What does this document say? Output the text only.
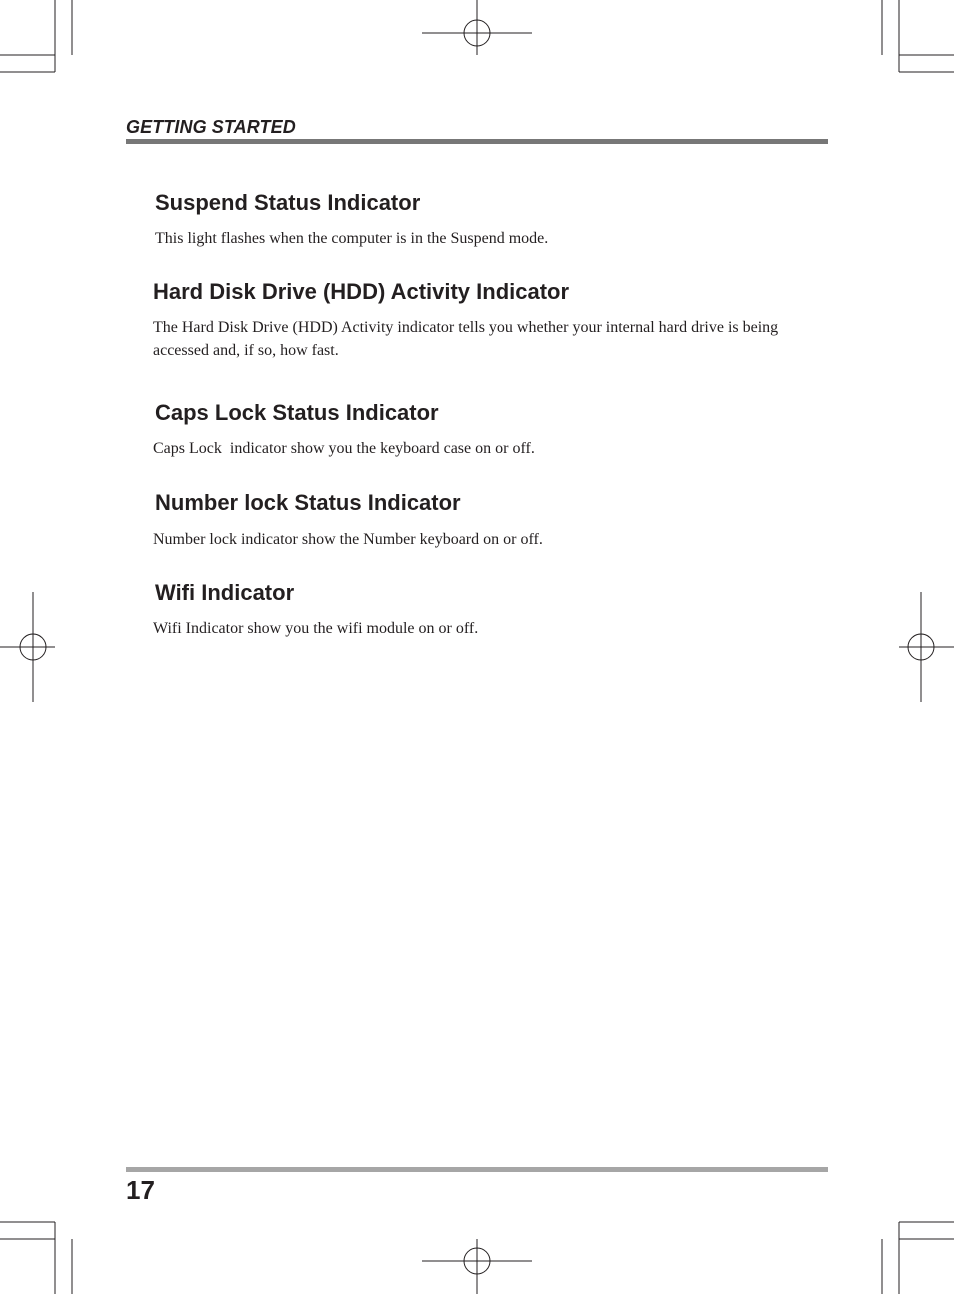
GETTING STARTED

Suspend Status Indicator

This light flashes when the computer is in the Suspend mode.

Hard Disk Drive (HDD) Activity Indicator

The Hard Disk Drive (HDD) Activity indicator tells you whether your internal hard drive is being accessed and, if so, how fast.

Caps Lock Status Indicator

Caps Lock  indicator show you the keyboard case on or off.

Number lock Status Indicator

Number lock indicator show the Number keyboard on or off.

Wifi Indicator

Wifi Indicator show you the wifi module on or off.

17
